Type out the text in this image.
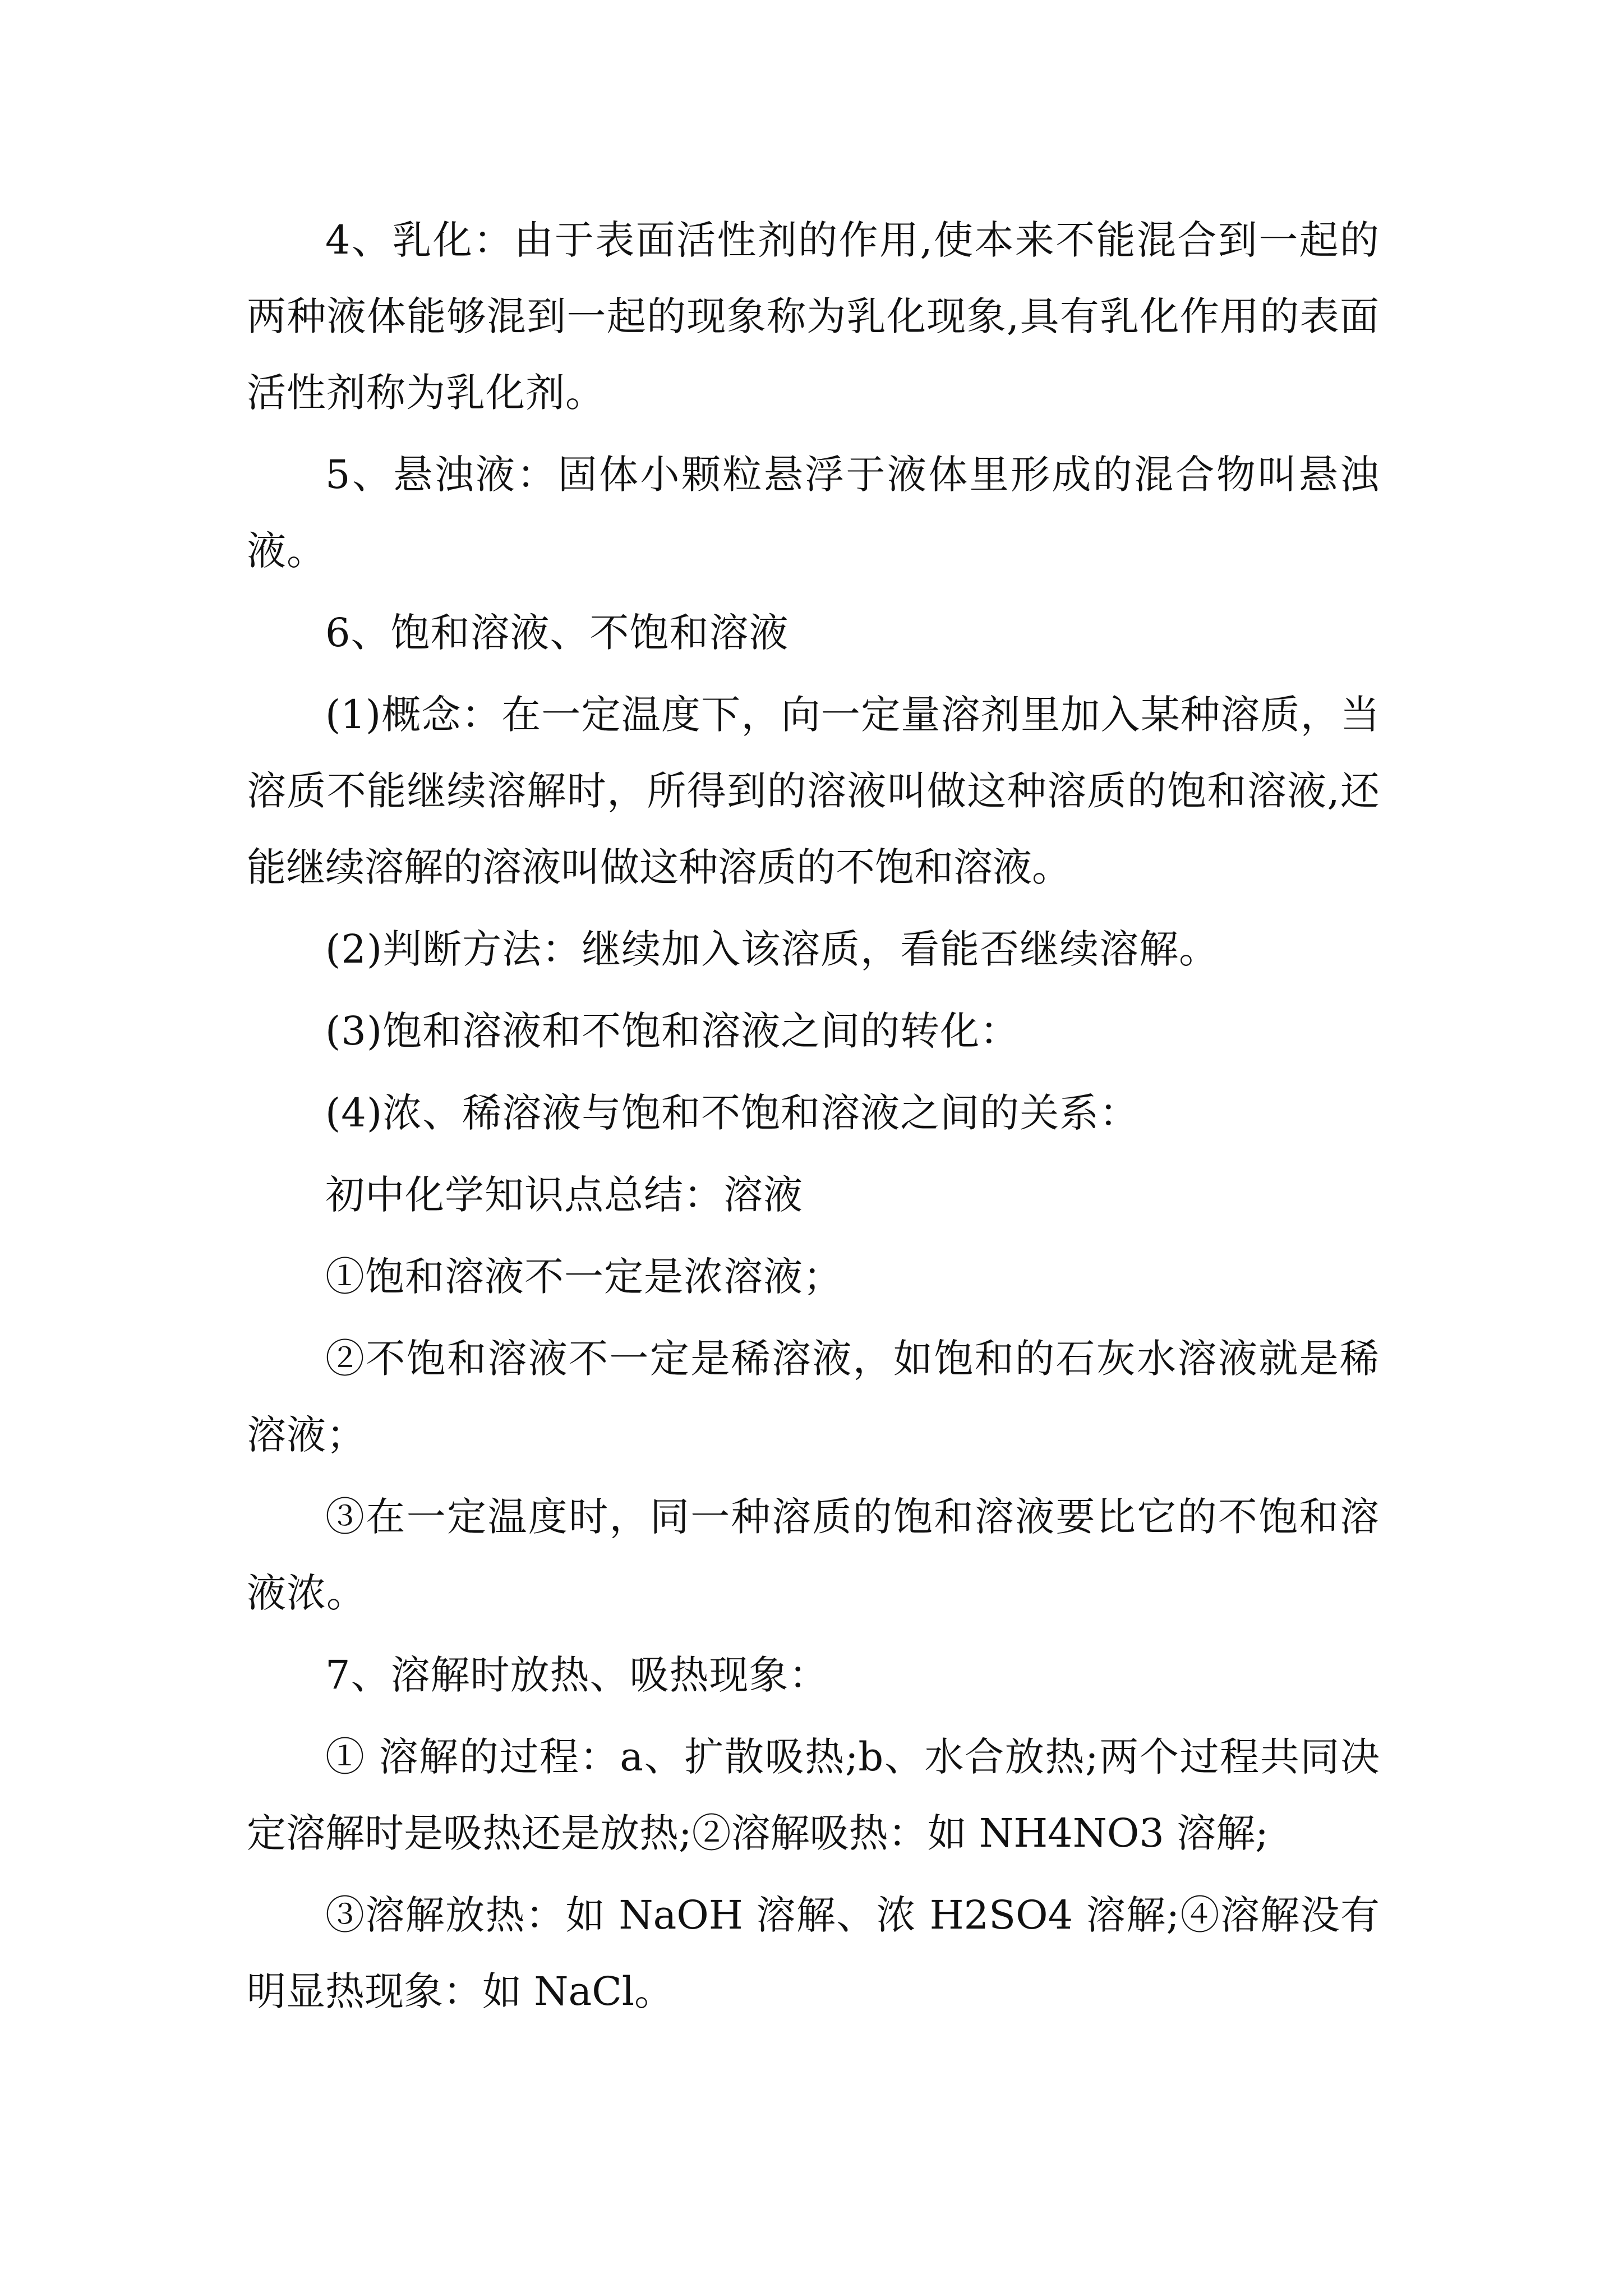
4、乳化：由于表面活性剂的作用,使本来不能混合到一起的两种液体能够混到一起的现象称为乳化现象,具有乳化作用的表面活性剂称为乳化剂。

5、悬浊液：固体小颗粒悬浮于液体里形成的混合物叫悬浊液。

6、饱和溶液、不饱和溶液

(1)概念：在一定温度下，向一定量溶剂里加入某种溶质，当溶质不能继续溶解时，所得到的溶液叫做这种溶质的饱和溶液,还能继续溶解的溶液叫做这种溶质的不饱和溶液。

(2)判断方法：继续加入该溶质，看能否继续溶解。

(3)饱和溶液和不饱和溶液之间的转化：

(4)浓、稀溶液与饱和不饱和溶液之间的关系：

初中化学知识点总结：溶液

①饱和溶液不一定是浓溶液；

②不饱和溶液不一定是稀溶液，如饱和的石灰水溶液就是稀溶液；

③在一定温度时，同一种溶质的饱和溶液要比它的不饱和溶液浓。

7、溶解时放热、吸热现象：

① 溶解的过程：a、扩散吸热;b、水合放热;两个过程共同决定溶解时是吸热还是放热;②溶解吸热：如 NH4NO3 溶解;

③溶解放热：如 NaOH 溶解、浓 H2SO4 溶解;④溶解没有明显热现象：如 NaCl。
